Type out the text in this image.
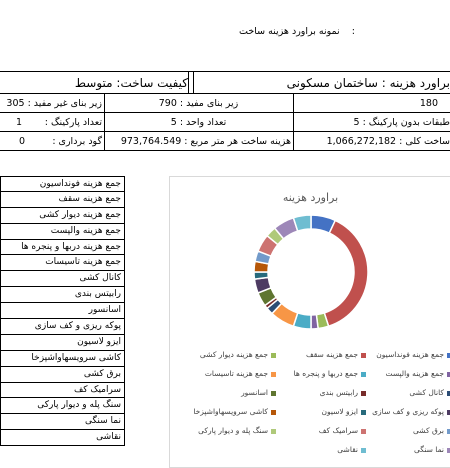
:    نمونه براورد هزینه ساخت
براورد هزینه : ساختمان مسکونی
کیفیت ساخت: متوسط
180
زیر بنای مفید : 790
زیر بنای غیر مفید : 305
طبقات بدون پارکینگ : 5
تعداد واحد : 5
تعداد پارکینگ :
1
ساخت کلی : 1,066,272,182
هزینه ساخت هر متر مربع : 973,764.549
گود برداری :
0
جمع هزینه فونداسیون
جمع هزینه سقف
جمع هزینه دیوار کشی
جمع هزینه والپست
جمع هزینه دربها و پنجره ها
جمع هزینه تاسیسات
کانال کشی
رابیتس بندی
اسانسور
پوکه ریزی و کف سازی
ایزو لاسیون
کاشی سرویسهاواشپزخا
برق کشی
سرامیک کف
سنگ پله و دیوار پارکی
نما سنگی
نقاشی
براورد هزینه
جمع هزینه فونداسیون
جمع هزینه سقف
جمع هزینه دیوار کشی
جمع هزینه والپست
جمع دربها و پنجره ها
جمع هزینه تاسیسات
کانال کشی
رابیتس بندی
اسانسور
پوکه ریزی و کف سازی
ایزو لاسیون
کاشی سرویسهاواشپزخا
برق کشی
سرامیک کف
سنگ پله و دیوار پارکی
نما سنگی
نقاشی
